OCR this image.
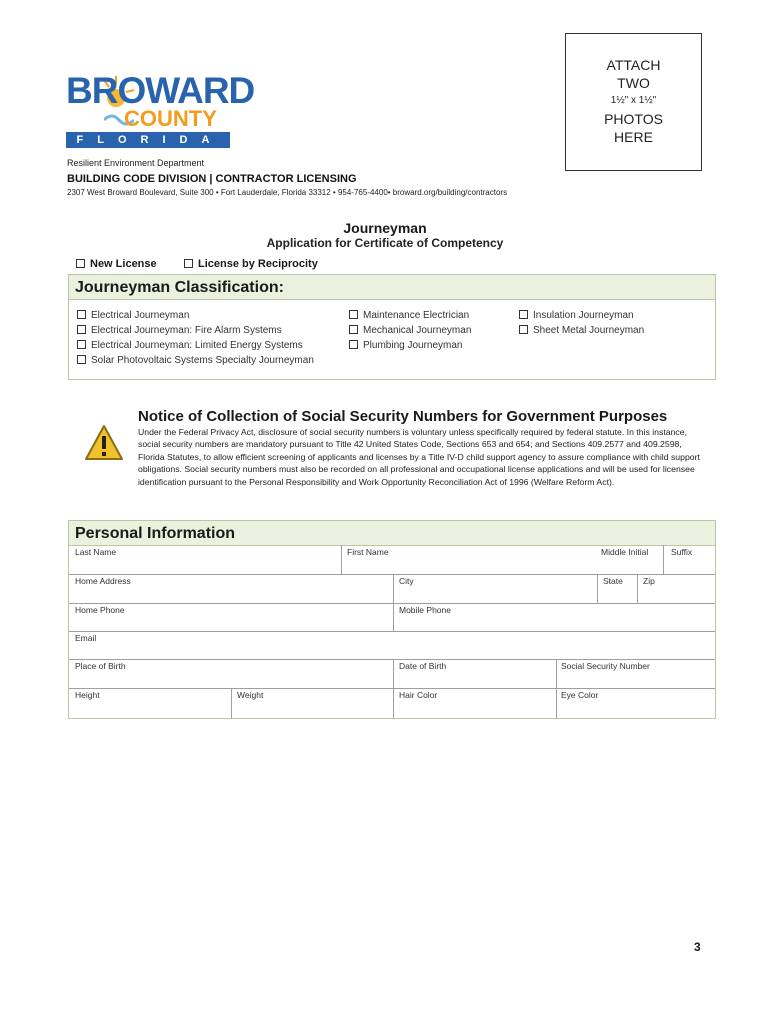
BROWARD
COUNTY
FLORIDA
ATTACH
TWO
1½" x 1½"
PHOTOS
HERE
Resilient Environment Department
BUILDING CODE DIVISION | CONTRACTOR LICENSING
2307 West Broward Boulevard, Suite 300 • Fort Lauderdale, Florida 33312 • 954-765-4400• broward.org/building/contractors
Journeyman
Application for Certificate of Competency
New License	License by Reciprocity
Journeyman Classification:
Electrical Journeyman
Electrical Journeyman: Fire Alarm Systems
Electrical Journeyman: Limited Energy Systems
Solar Photovoltaic Systems Specialty Journeyman
Maintenance Electrician
Mechanical Journeyman
Plumbing Journeyman
Insulation Journeyman
Sheet Metal Journeyman
Notice of Collection of Social Security Numbers for Government Purposes
Under the Federal Privacy Act, disclosure of social security numbers is voluntary unless specifically required by federal statute. In this instance, social security numbers are mandatory pursuant to Title 42 United States Code, Sections 653 and 654; and Sections 409.2577 and 409.2598, Florida Statutes, to allow efficient screening of applicants and licenses by a Title IV-D child support agency to assure compliance with child support obligations. Social security numbers must also be recorded on all professional and occupational license applications and will be used for licensee identification pursuant to the Personal Responsibility and Work Opportunity Reconciliation Act of 1996 (Welfare Reform Act).
Personal Information
Last Name	First Name	Middle Initial	Suffix
Home Address	City	State Zip
Home Phone	Mobile Phone
Email
Place of Birth	Date of Birth	Social Security Number
Height	Weight	Hair Color	Eye Color
3
